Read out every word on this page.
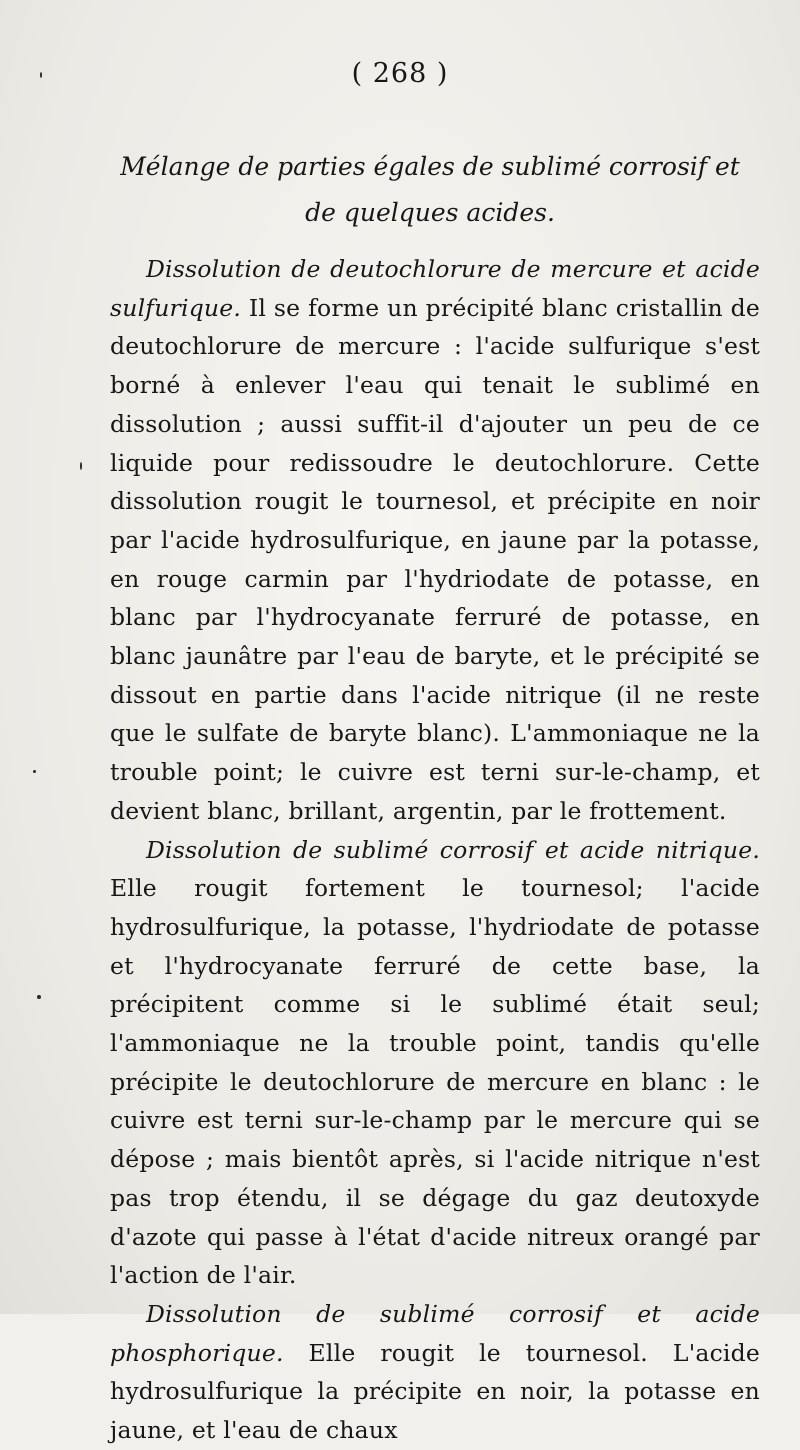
( 268 )
Mélange de parties égales de sublimé corrosif et de quelques acides.

Dissolution de deutochlorure de mercure et acide sulfurique. Il se forme un précipité blanc cristallin de deutochlorure de mercure : l'acide sulfurique s'est borné à enlever l'eau qui tenait le sublimé en dissolution ; aussi suffit-il d'ajouter un peu de ce liquide pour redissoudre le deutochlorure. Cette dissolution rougit le tournesol, et précipite en noir par l'acide hydrosulfurique, en jaune par la potasse, en rouge carmin par l'hydriodate de potasse, en blanc par l'hydrocyanate ferruré de potasse, en blanc jaunâtre par l'eau de baryte, et le précipité se dissout en partie dans l'acide nitrique (il ne reste que le sulfate de baryte blanc). L'ammoniaque ne la trouble point; le cuivre est terni sur-le-champ, et devient blanc, brillant, argentin, par le frottement.

Dissolution de sublimé corrosif et acide nitrique. Elle rougit fortement le tournesol; l'acide hydrosulfurique, la potasse, l'hydriodate de potasse et l'hydrocyanate ferruré de cette base, la précipitent comme si le sublimé était seul; l'ammoniaque ne la trouble point, tandis qu'elle précipite le deutochlorure de mercure en blanc : le cuivre est terni sur-le-champ par le mercure qui se dépose ; mais bientôt après, si l'acide nitrique n'est pas trop étendu, il se dégage du gaz deutoxyde d'azote qui passe à l'état d'acide nitreux orangé par l'action de l'air.

Dissolution de sublimé corrosif et acide phosphorique. Elle rougit le tournesol. L'acide hydrosulfurique la précipite en noir, la potasse en jaune, et l'eau de chaux
